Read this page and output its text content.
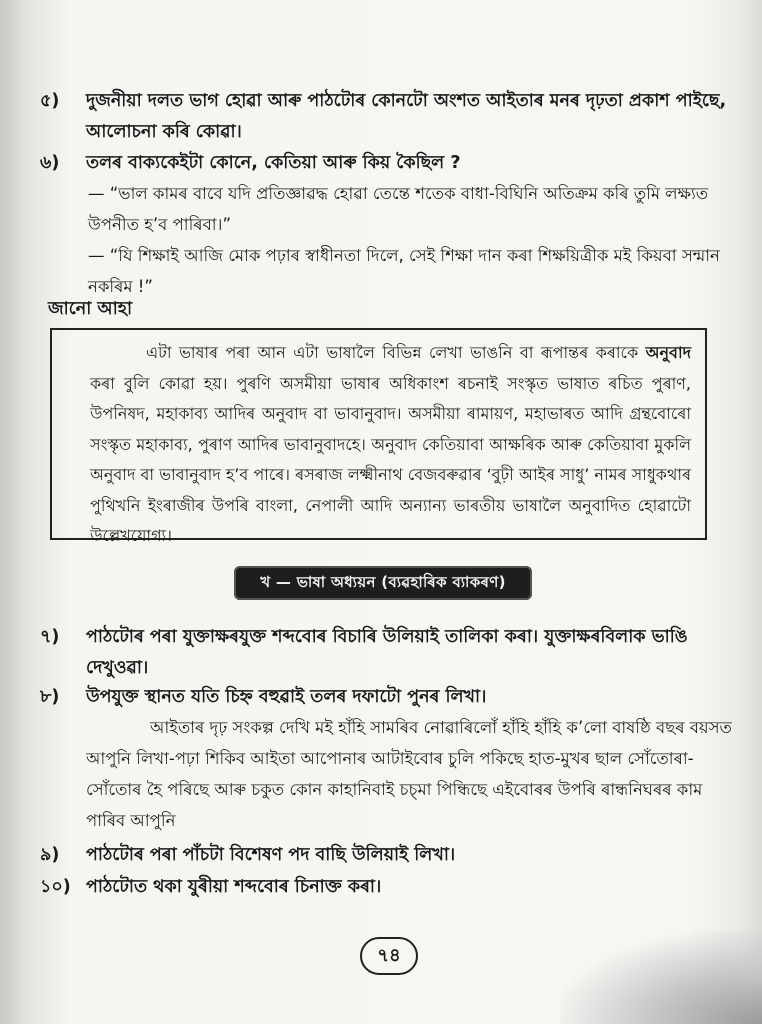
৫)	দুজনীয়া দলত ভাগ হোৱা আৰু পাঠটোৰ কোনটো অংশত আইতাৰ মনৰ দৃঢ়তা প্ৰকাশ পাইছে, আলোচনা কৰি কোৱা।
৬)	তলৰ বাক্যকেইটা কোনে, কেতিয়া আৰু কিয় কৈছিল ?
— “ভাল কামৰ বাবে যদি প্ৰতিজ্ঞাৱদ্ধ হোৱা তেন্তে শতেক বাধা-বিঘিনি অতিক্ৰম কৰি তুমি লক্ষ্যত উপনীত হ’ব পাৰিবা।”
— “যি শিক্ষাই আজি মোক পঢ়াৰ স্বাধীনতা দিলে, সেই শিক্ষা দান কৰা শিক্ষয়িত্ৰীক মই কিয়বা সন্মান নকৰিম !”
জানো আহা

এটা ভাষাৰ পৰা আন এটা ভাষালৈ বিভিন্ন লেখা ভাঙনি বা ৰূপান্তৰ কৰাকে অনুবাদ কৰা বুলি কোৱা হয়। পুৰণি অসমীয়া ভাষাৰ অধিকাংশ ৰচনাই সংস্কৃত ভাষাত ৰচিত পুৰাণ, উপনিষদ, মহাকাব্য আদিৰ অনুবাদ বা ভাবানুবাদ। অসমীয়া ৰামায়ণ, মহাভাৰত আদি গ্ৰন্থবোৰো সংস্কৃত মহাকাব্য, পুৰাণ আদিৰ ভাবানুবাদহে। অনুবাদ কেতিয়াবা আক্ষৰিক আৰু কেতিয়াবা মুকলি অনুবাদ বা ভাবানুবাদ হ’ব পাৰে। ৰসৰাজ লক্ষ্মীনাথ বেজবৰুৱাৰ ‘বুঢ়ী আইৰ সাধু’ নামৰ সাধুকথাৰ পুথিখনি ইংৰাজীৰ উপৰি বাংলা, নেপালী আদি অন্যান্য ভাৰতীয় ভাষালৈ অনুবাদিত হোৱাটো উল্লেখযোগ্য।

খ — ভাষা অধ্যয়ন (ব্যৱহাৰিক ব্যাকৰণ)
৭)	পাঠটোৰ পৰা যুক্তাক্ষৰযুক্ত শব্দবোৰ বিচাৰি উলিয়াই তালিকা কৰা। যুক্তাক্ষৰবিলাক ভাঙি দেখুওৱা।
৮)	উপযুক্ত স্থানত যতি চিহ্ন বহুৱাই তলৰ দফাটো পুনৰ লিখা।
আইতাৰ দৃঢ় সংকল্প দেখি মই হাঁহি সামৰিব নোৱাৰিলোঁ হাঁহি হাঁহি ক’লো বাষষ্ঠি বছৰ বয়সত আপুনি লিখা-পঢ়া শিকিব আইতা আপোনাৰ আটাইবোৰ চুলি পকিছে হাত-মুখৰ ছাল সোঁতোৰা-সোঁতোৰ হৈ পৰিছে আৰু চকুত কোন কাহানিবাই চচ্মা পিন্ধিছে এইবোৰৰ উপৰি ৰান্ধনিঘৰৰ কাম পাৰিব আপুনি
৯)	পাঠটোৰ পৰা পাঁচটা বিশেষণ পদ বাছি উলিয়াই লিখা।
১০) পাঠটোত থকা যুৰীয়া শব্দবোৰ চিনাক্ত কৰা।
৭৪
